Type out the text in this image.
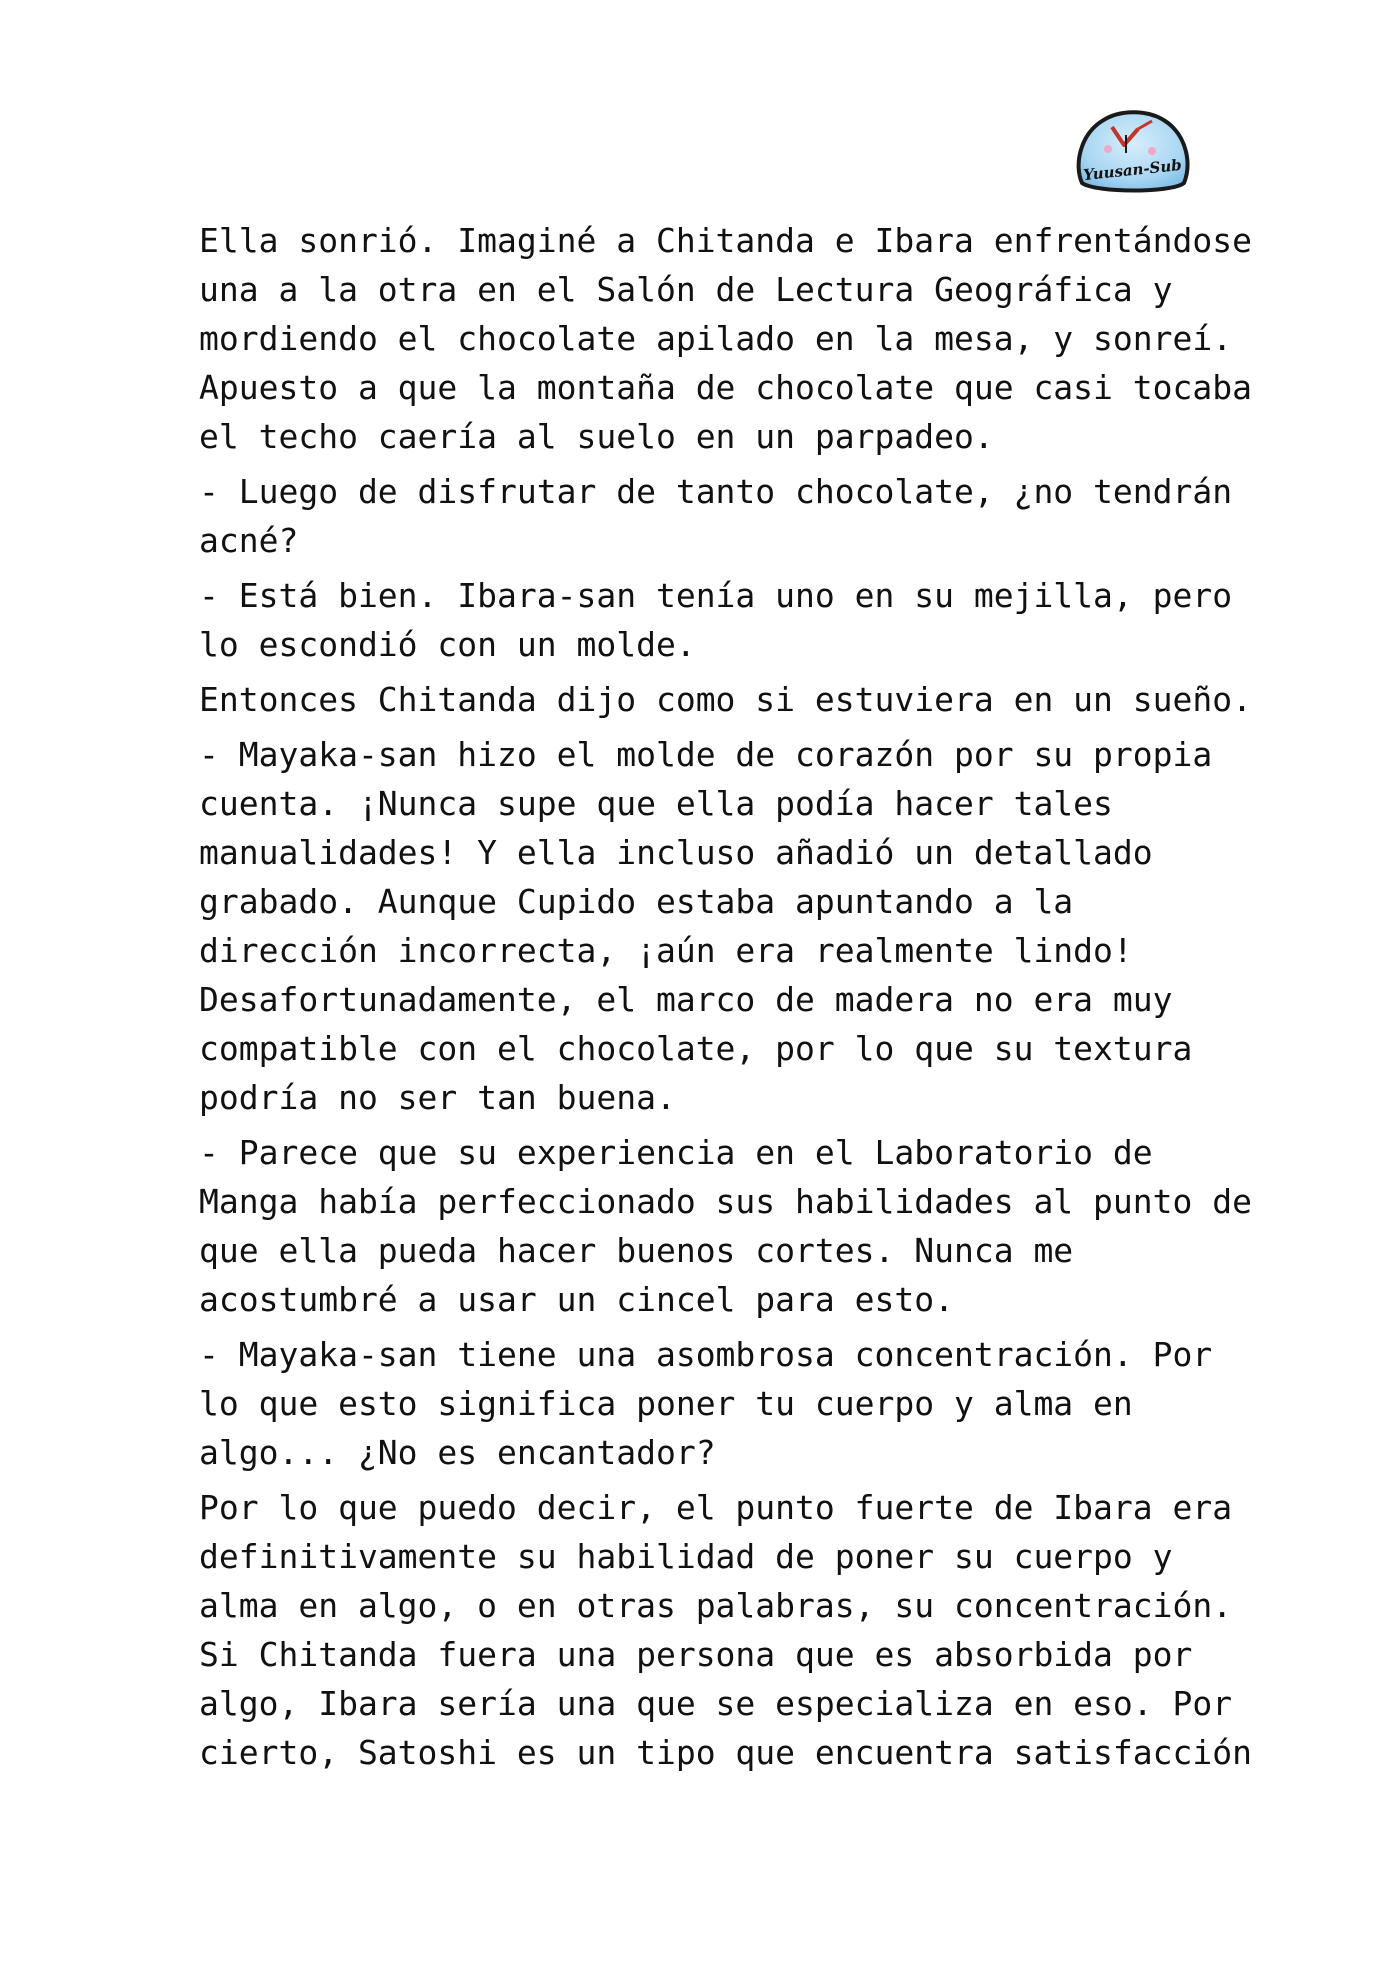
Yuusan-Sub

Ella sonrió. Imaginé a Chitanda e Ibara enfrentándose
una a la otra en el Salón de Lectura Geográfica y
mordiendo el chocolate apilado en la mesa, y sonreí.
Apuesto a que la montaña de chocolate que casi tocaba
el techo caería al suelo en un parpadeo.

- Luego de disfrutar de tanto chocolate, ¿no tendrán
acné?

- Está bien. Ibara-san tenía uno en su mejilla, pero
lo escondió con un molde.

Entonces Chitanda dijo como si estuviera en un sueño.

- Mayaka-san hizo el molde de corazón por su propia
cuenta. ¡Nunca supe que ella podía hacer tales
manualidades! Y ella incluso añadió un detallado
grabado. Aunque Cupido estaba apuntando a la
dirección incorrecta, ¡aún era realmente lindo!
Desafortunadamente, el marco de madera no era muy
compatible con el chocolate, por lo que su textura
podría no ser tan buena.

- Parece que su experiencia en el Laboratorio de
Manga había perfeccionado sus habilidades al punto de
que ella pueda hacer buenos cortes. Nunca me
acostumbré a usar un cincel para esto.

- Mayaka-san tiene una asombrosa concentración. Por
lo que esto significa poner tu cuerpo y alma en
algo... ¿No es encantador?

Por lo que puedo decir, el punto fuerte de Ibara era
definitivamente su habilidad de poner su cuerpo y
alma en algo, o en otras palabras, su concentración.
Si Chitanda fuera una persona que es absorbida por
algo, Ibara sería una que se especializa en eso. Por
cierto, Satoshi es un tipo que encuentra satisfacción
